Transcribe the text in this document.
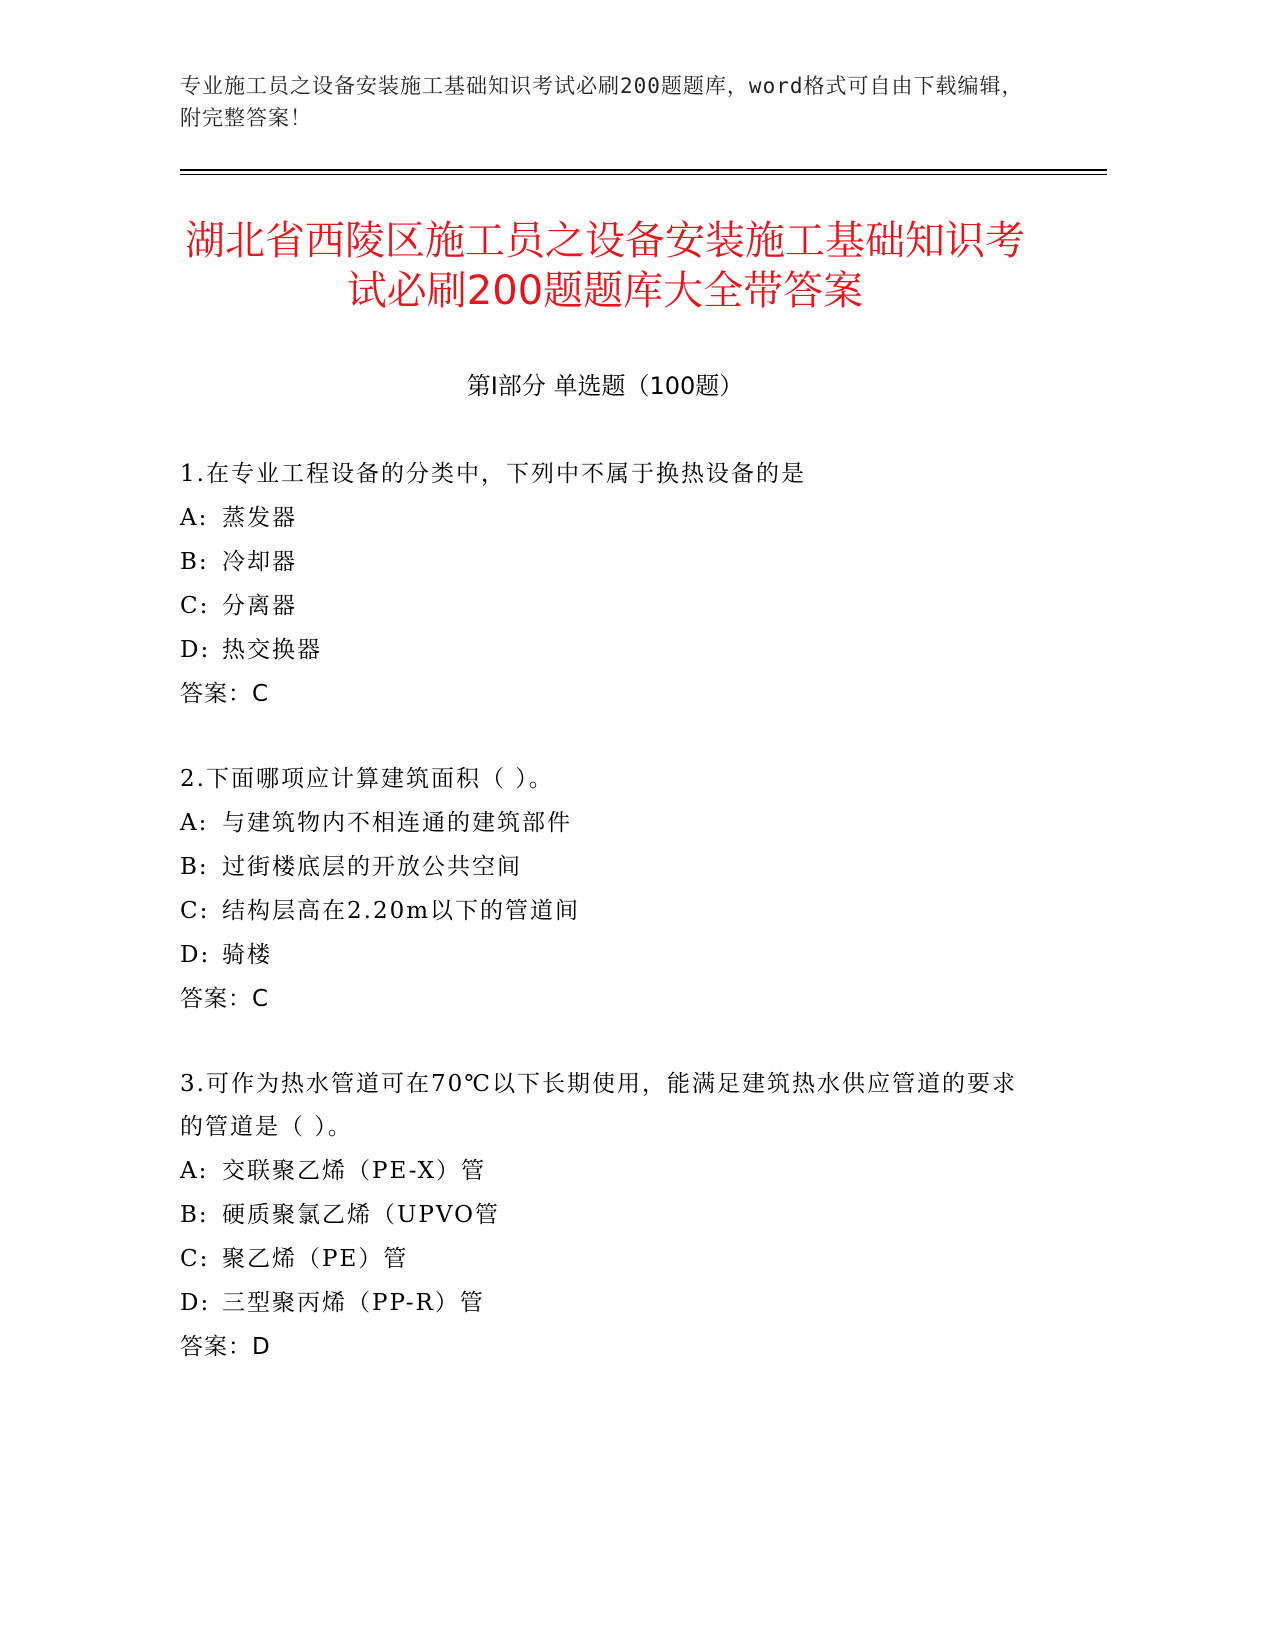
专业施工员之设备安装施工基础知识考试必刷200题题库，word格式可自由下载编辑，附完整答案！
湖北省西陵区施工员之设备安装施工基础知识考试必刷200题题库大全带答案
第I部分 单选题（100题）

1.在专业工程设备的分类中，下列中不属于换热设备的是

A: 蒸发器

B: 冷却器

C: 分离器

D: 热交换器

答案：C

2.下面哪项应计算建筑面积（ ）。

A: 与建筑物内不相连通的建筑部件

B: 过街楼底层的开放公共空间

C: 结构层高在2.20m以下的管道间

D: 骑楼

答案：C

3.可作为热水管道可在70℃以下长期使用，能满足建筑热水供应管道的要求的管道是（ ）。

A: 交联聚乙烯（PE-X）管

B: 硬质聚氯乙烯（UPVO管

C: 聚乙烯（PE）管

D: 三型聚丙烯（PP-R）管

答案：D
